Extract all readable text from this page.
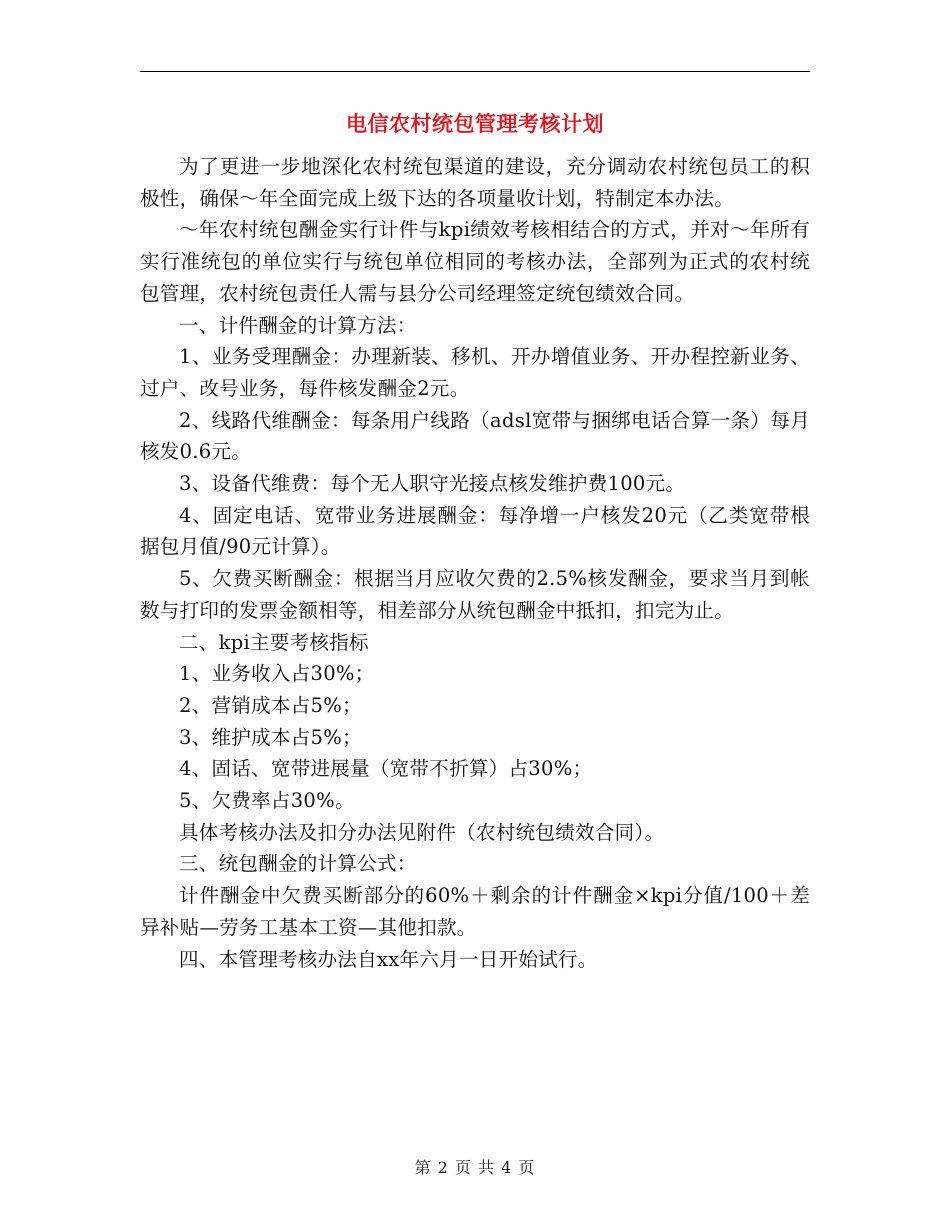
电信农村统包管理考核计划

为了更进一步地深化农村统包渠道的建设，充分调动农村统包员工的积极性，确保～年全面完成上级下达的各项量收计划，特制定本办法。

～年农村统包酬金实行计件与kpi绩效考核相结合的方式，并对～年所有实行准统包的单位实行与统包单位相同的考核办法，全部列为正式的农村统包管理，农村统包责任人需与县分公司经理签定统包绩效合同。

一、计件酬金的计算方法：

1、业务受理酬金：办理新装、移机、开办增值业务、开办程控新业务、过户、改号业务，每件核发酬金2元。

2、线路代维酬金：每条用户线路（adsl宽带与捆绑电话合算一条）每月核发0.6元。

3、设备代维费：每个无人职守光接点核发维护费100元。

4、固定电话、宽带业务进展酬金：每净增一户核发20元（乙类宽带根据包月值/90元计算）。

5、欠费买断酬金：根据当月应收欠费的2.5%核发酬金，要求当月到帐数与打印的发票金额相等，相差部分从统包酬金中抵扣，扣完为止。

二、kpi主要考核指标

1、业务收入占30%；

2、营销成本占5%；

3、维护成本占5%；

4、固话、宽带进展量（宽带不折算）占30%；

5、欠费率占30%。

具体考核办法及扣分办法见附件（农村统包绩效合同）。

三、统包酬金的计算公式：

计件酬金中欠费买断部分的60%＋剩余的计件酬金×kpi分值/100＋差异补贴—劳务工基本工资—其他扣款。

四、本管理考核办法自xx年六月一日开始试行。

第 2 页 共 4 页
